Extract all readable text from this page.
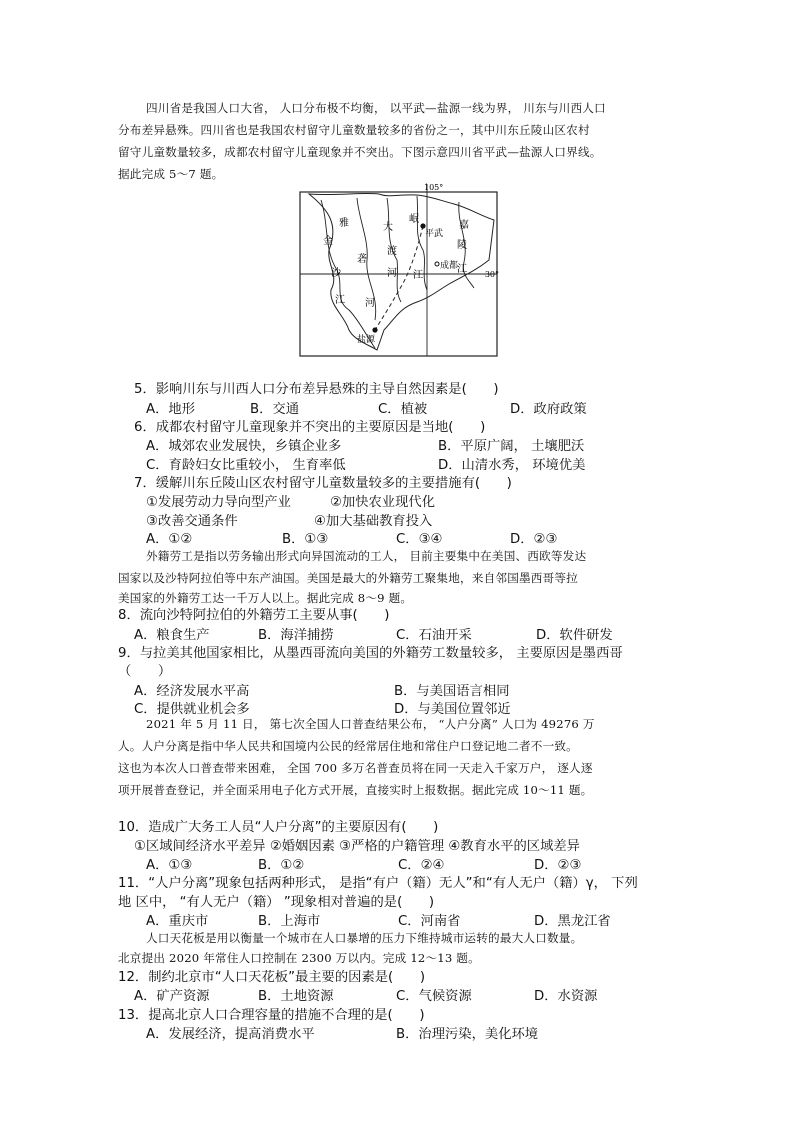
四川省是我国人口大省， 人口分布极不均衡， 以平武—盐源一线为界， 川东与川西人口
分布差异悬殊。四川省也是我国农村留守儿童数量较多的省份之一，其中川东丘陵山区农村
留守儿童数量较多，成都农村留守儿童现象并不突出。下图示意四川省平武—盐源人口界线。
据此完成 5～7 题。
105°
30°
雅
金
沙
江
大
渡
河
岷
江
砻
河
平武
成都
嘉
陵
江
盐源
5．影响川东与川西人口分布差异悬殊的主导自然因素是(　　)
A．地形	B．交通	C．植被	D．政府政策
6．成都农村留守儿童现象并不突出的主要原因是当地(　　)
A．城郊农业发展快，乡镇企业多	B．平原广阔， 土壤肥沃
C．育龄妇女比重较小， 生育率低	D．山清水秀， 环境优美
7．缓解川东丘陵山区农村留守儿童数量较多的主要措施有(　　)
①发展劳动力导向型产业	②加快农业现代化
③改善交通条件	④加大基础教育投入
A．①②	B．①③	C．③④	D．②③
外籍劳工是指以劳务输出形式向异国流动的工人， 目前主要集中在美国、西欧等发达
国家以及沙特阿拉伯等中东产油国。美国是最大的外籍劳工聚集地，来自邻国墨西哥等拉
美国家的外籍劳工达一千万人以上。据此完成 8～9 题。
8．流向沙特阿拉伯的外籍劳工主要从事(　　)
A．粮食生产	B．海洋捕捞	C．石油开采	D．软件研发
9．与拉美其他国家相比，从墨西哥流向美国的外籍劳工数量较多， 主要原因是墨西哥
（　　）
A．经济发展水平高	B．与美国语言相同
C．提供就业机会多	D．与美国位置邻近
2021 年 5 月 11 日， 第七次全国人口普查结果公布， “人户分离” 人口为 49276 万
人。人户分离是指中华人民共和国境内公民的经常居住地和常住户口登记地二者不一致。
这也为本次人口普查带来困难， 全国 700 多万名普查员将在同一天走入千家万户， 逐人逐
项开展普查登记，并全面采用电子化方式开展，直接实时上报数据。据此完成 10～11 题。
10．造成广大务工人员“人户分离”的主要原因有(　　)
①区域间经济水平差异 ②婚姻因素 ③严格的户籍管理 ④教育水平的区域差异
A．①③	B．①②	C．②④	D．②③
11．“人户分离”现象包括两种形式， 是指“有户（籍）无人”和“有人无户（籍）γ， 下列
地 区中， “有人无户（籍） ”现象相对普遍的是(　　)
A．重庆市	B．上海市	C．河南省	D．黑龙江省
人口天花板是用以衡量一个城市在人口暴增的压力下维持城市运转的最大人口数量。
北京提出 2020 年常住人口控制在 2300 万以内。完成 12～13 题。
12．制约北京市“人口天花板”最主要的因素是(　　)
A．矿产资源	B．土地资源	C．气候资源	D．水资源
13．提高北京人口合理容量的措施不合理的是(　　)
A．发展经济，提高消费水平	B．治理污染，美化环境
